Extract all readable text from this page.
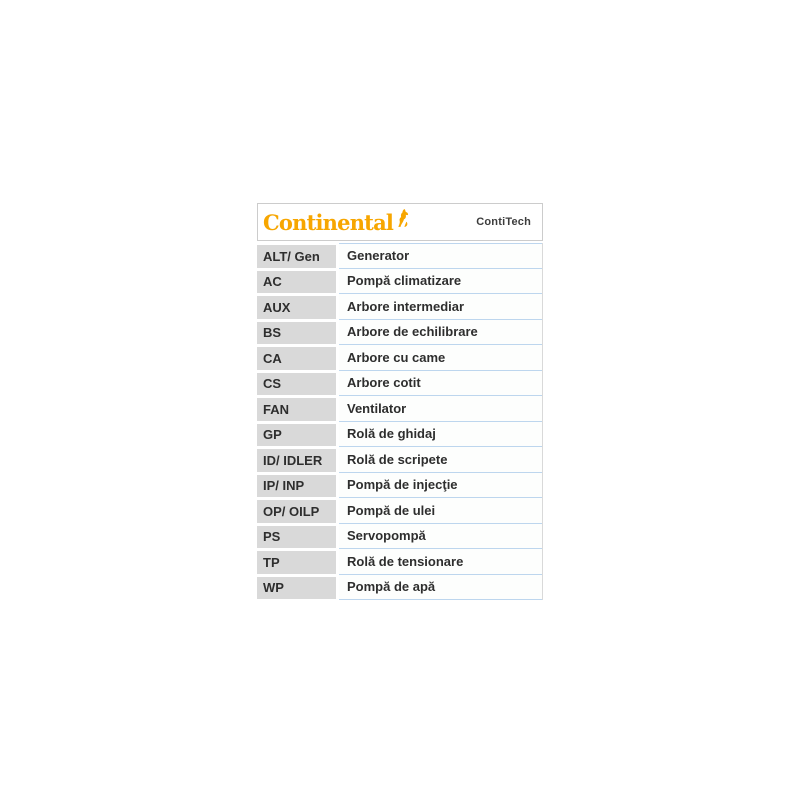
Continental	ContiTech
ALT/ Gen	Generator
AC	Pompă climatizare
AUX	Arbore intermediar
BS	Arbore de echilibrare
CA	Arbore cu came
CS	Arbore cotit
FAN	Ventilator
GP	Rolă de ghidaj
ID/ IDLER	Rolă de scripete
IP/ INP	Pompă de injecţie
OP/ OILP	Pompă de ulei
PS	Servopompă
TP	Rolă de tensionare
WP	Pompă de apă
